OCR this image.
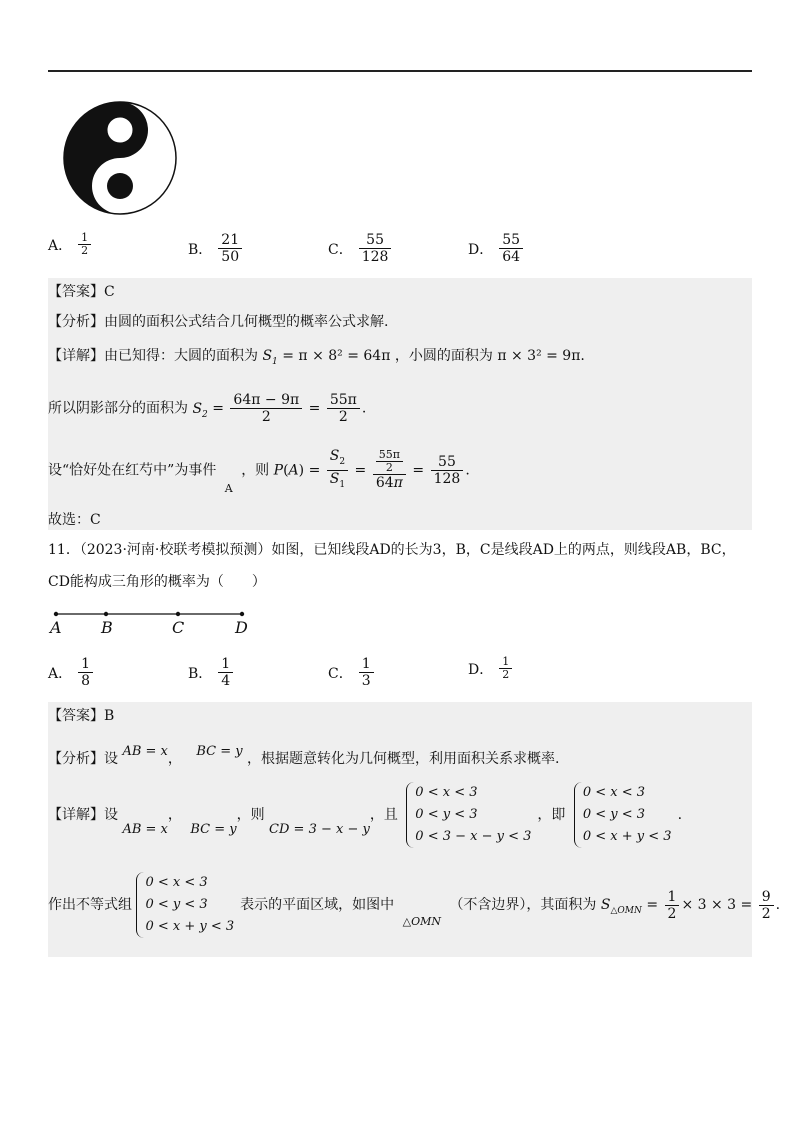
A． $\frac{1}{2}$	B． $\frac{21}{50}$	C． $\frac{55}{128}$	D． $\frac{55}{64}$
【答案】C
【分析】由圆的面积公式结合几何概型的概率公式求解.
【详解】由已知得：大圆的面积为 $S_1 = \pi \times 8^2 = 64\pi$ ，小圆的面积为 π × 3² = 9π.
所以阴影部分的面积为 $S_2 = \frac{64\pi - 9\pi}{2} = \frac{55\pi}{2}$ .
设“恰好处在红芍中”为事件 A ，则 $P(A) = \frac{S_2}{S_1} = \frac{\frac{55\pi}{2}}{64\pi} = \frac{55}{128}$ .
故选：C
11．（2023·河南·校联考模拟预测）如图，已知线段AD的长为3，B，C是线段AD上的两点，则线段AB，BC，
CD能构成三角形的概率为（　　）
A B	C	D
A． $\frac{1}{8}$	B． $\frac{1}{4}$	C． $\frac{1}{3}$	D． $\frac{1}{2}$
【答案】B
【分析】设 AB = x， BC = y ，根据题意转化为几何概型，利用面积关系求概率.
【详解】设 AB = x， BC = y，则 CD = 3 − x − y，且
0 < x < 3
0 < y < 3
0 < 3 − x − y < 3
，即
0 < x < 3
0 < y < 3
0 < x + y < 3
.
作出不等式组
0 < x < 3
0 < y < 3
0 < x + y < 3
表示的平面区域，如图中 △OMN （不含边界），其面积为 $S_{\triangle OMN} = \frac{1}{2} \times 3 \times 3 = \frac{9}{2}$ .
